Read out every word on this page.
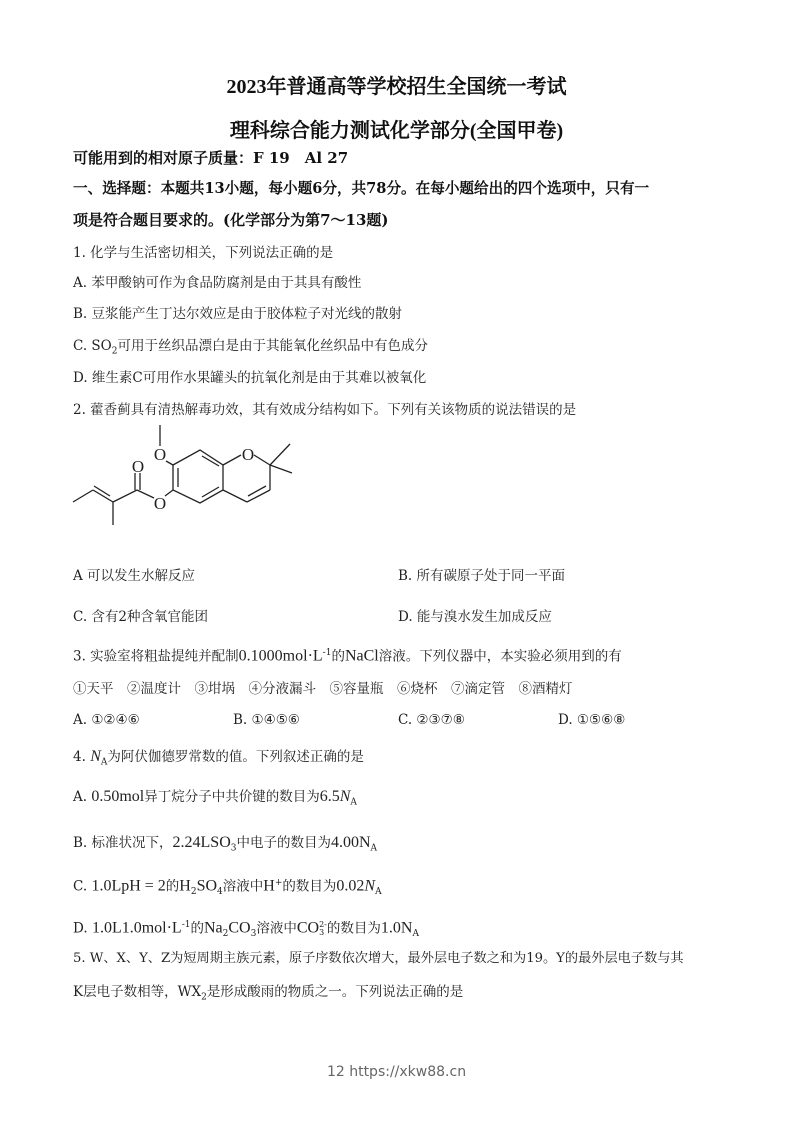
2023年普通高等学校招生全国统一考试
理科综合能力测试化学部分(全国甲卷)
可能用到的相对原子质量：F 19　Al 27
一、选择题：本题共13小题，每小题6分，共78分。在每小题给出的四个选项中，只有一
项是符合题目要求的。(化学部分为第7～13题)
1. 化学与生活密切相关，下列说法正确的是
A. 苯甲酸钠可作为食品防腐剂是由于其具有酸性
B. 豆浆能产生丁达尔效应是由于胶体粒子对光线的散射
C. $SO_2$可用于丝织品漂白是由于其能氧化丝织品中有色成分
D. 维生素C可用作水果罐头的抗氧化剂是由于其难以被氧化
2. 藿香蓟具有清热解毒功效，其有效成分结构如下。下列有关该物质的说法错误的是
O	O
O
O
A 可以发生水解反应	B. 所有碳原子处于同一平面
C. 含有2种含氧官能团	D. 能与溴水发生加成反应
3. 实验室将粗盐提纯并配制$0.1000mol\cdot L^{-1}$的NaCl溶液。下列仪器中，本实验必须用到的有
①天平  ②温度计  ③坩埚  ④分液漏斗  ⑤容量瓶  ⑥烧杯  ⑦滴定管  ⑧酒精灯
A. ①②④⑥	B. ①④⑤⑥	C. ②③⑦⑧	D. ①⑤⑥⑧
4. $N_A$为阿伏伽德罗常数的值。下列叙述正确的是
A. 0.50mol异丁烷分子中共价键的数目为$6.5N_A$
B. 标准状况下，$2.24LSO_3$中电子的数目为$4.00N_A$
C. 1.0LpH = 2的$H_2SO_4$溶液中H+的数目为$0.02N_A$
D. $1.0L1.0mol\cdot L^{-1}$的$Na_2CO_3$溶液中CO 2-
3 的数目为$1.0N_A$
5. W、X、Y、Z为短周期主族元素，原子序数依次增大，最外层电子数之和为19。Y的最外层电子数与其
K层电子数相等，$WX_2$是形成酸雨的物质之一。下列说法正确的是
12 https://xkw88.cn
